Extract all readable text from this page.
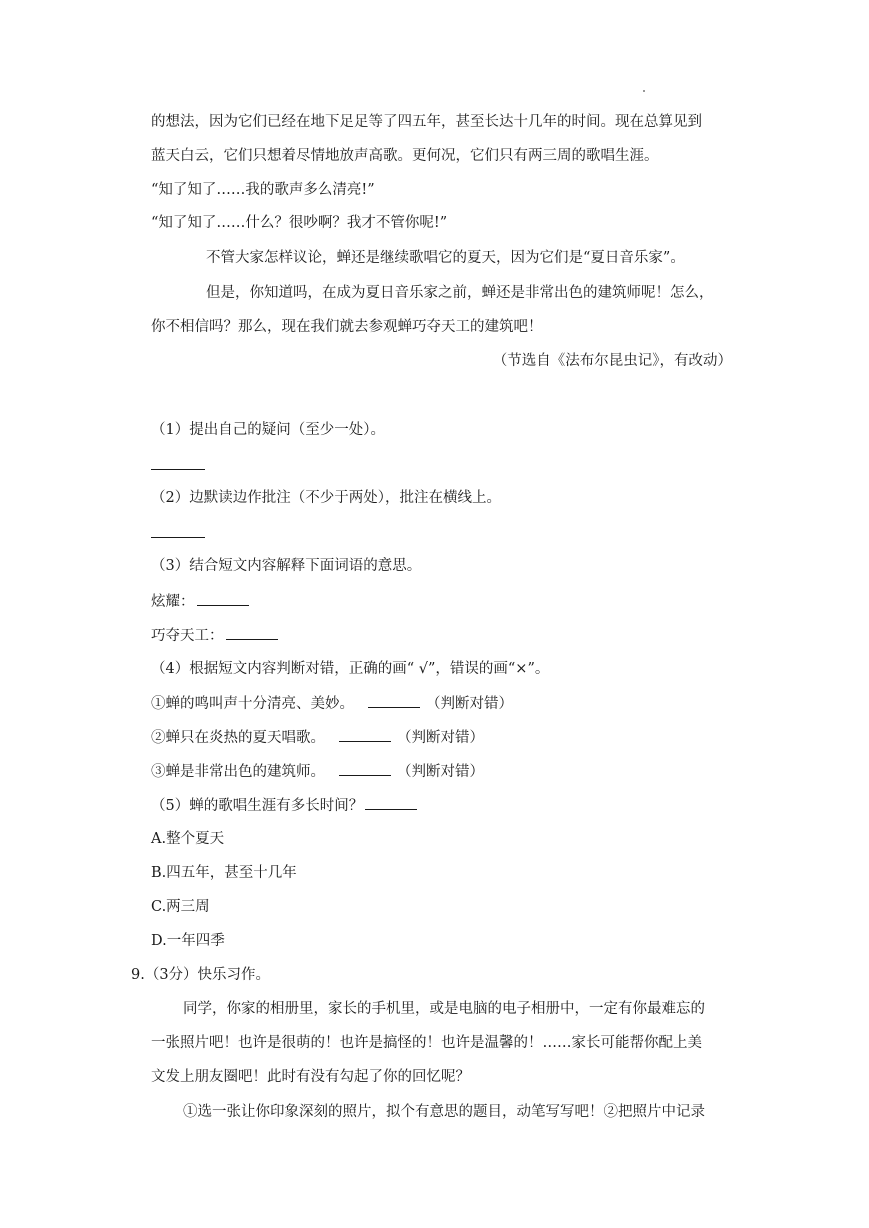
的想法，因为它们已经在地下足足等了四五年，甚至长达十几年的时间。现在总算见到
蓝天白云，它们只想着尽情地放声高歌。更何况，它们只有两三周的歌唱生涯。
“知了知了……我的歌声多么清亮!”
“知了知了……什么？很吵啊？我才不管你呢!”
不管大家怎样议论，蝉还是继续歌唱它的夏天，因为它们是“夏日音乐家”。
但是，你知道吗，在成为夏日音乐家之前，蝉还是非常出色的建筑师呢！怎么，
你不相信吗？那么，现在我们就去参观蝉巧夺天工的建筑吧！
（节选自《法布尔昆虫记》，有改动）
（1）提出自己的疑问（至少一处）。
（2）边默读边作批注（不少于两处），批注在横线上。
（3）结合短文内容解释下面词语的意思。
炫耀：
巧夺天工：
（4）根据短文内容判断对错，正确的画“ √”，错误的画“×”。
①蝉的鸣叫声十分清亮、美妙。	（判断对错）
②蝉只在炎热的夏天唱歌。	（判断对错）
③蝉是非常出色的建筑师。	（判断对错）
（5）蝉的歌唱生涯有多长时间？
A.整个夏天
B.四五年，甚至十几年
C.两三周
D.一年四季
9.（3分）快乐习作。
同学，你家的相册里，家长的手机里，或是电脑的电子相册中，一定有你最难忘的
一张照片吧！也许是很萌的！也许是搞怪的！也许是温馨的！……家长可能帮你配上美
文发上朋友圈吧！此时有没有勾起了你的回忆呢？
①选一张让你印象深刻的照片，拟个有意思的题目，动笔写写吧！②把照片中记录
